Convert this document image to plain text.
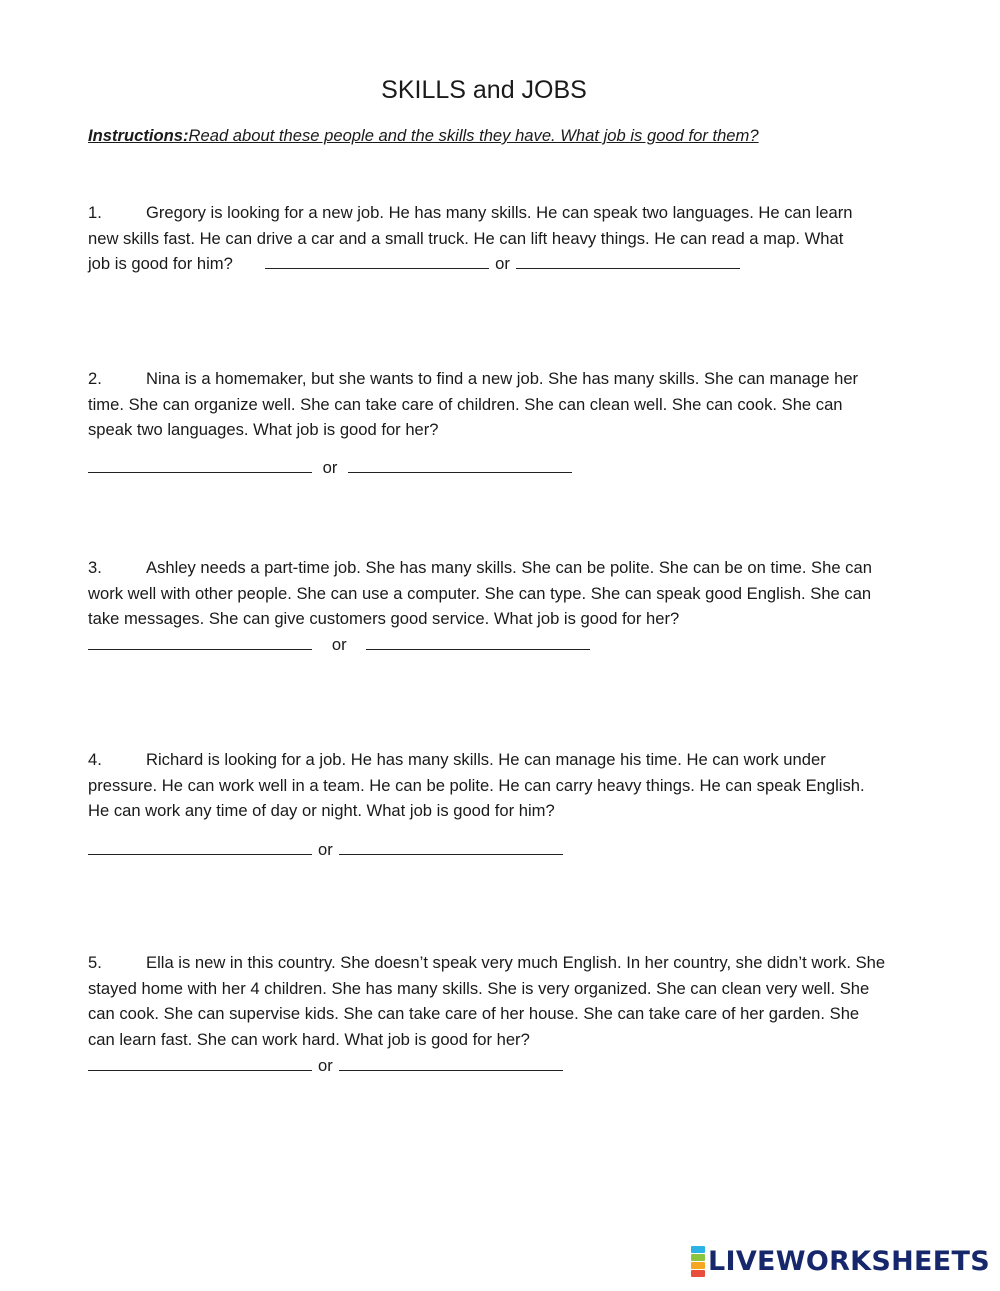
SKILLS and JOBS
Instructions:Read about these people and the skills they have. What job is good for them?
1.	Gregory is looking for a new job. He has many skills. He can speak two languages. He can learn new skills fast. He can drive a car and a small truck. He can lift heavy things. He can read a map. What job is good for him?	or
2.	Nina is a homemaker, but she wants to find a new job. She has many skills. She can manage her time. She can organize well. She can take care of children. She can clean well. She can cook. She can speak two languages. What job is good for her?
or
3.	Ashley needs a part-time job. She has many skills. She can be polite. She can be on time. She can work well with other people. She can use a computer. She can type. She can speak good English. She can take messages. She can give customers good service. What job is good for her?   or
4.	Richard is looking for a job. He has many skills. He can manage his time. He can work under pressure. He can work well in a team. He can be polite. He can carry heavy things. He can speak English. He can work any time of day or night. What job is good for him?
or
5.	Ella is new in this country. She doesn’t speak very much English. In her country, she didn’t work. She stayed home with her 4 children. She has many skills. She is very organized. She can clean very well. She can cook. She can supervise kids. She can take care of her house. She can take care of her garden. She can learn fast. She can work hard. What job is good for her?
or
LIVEWORKSHEETS
